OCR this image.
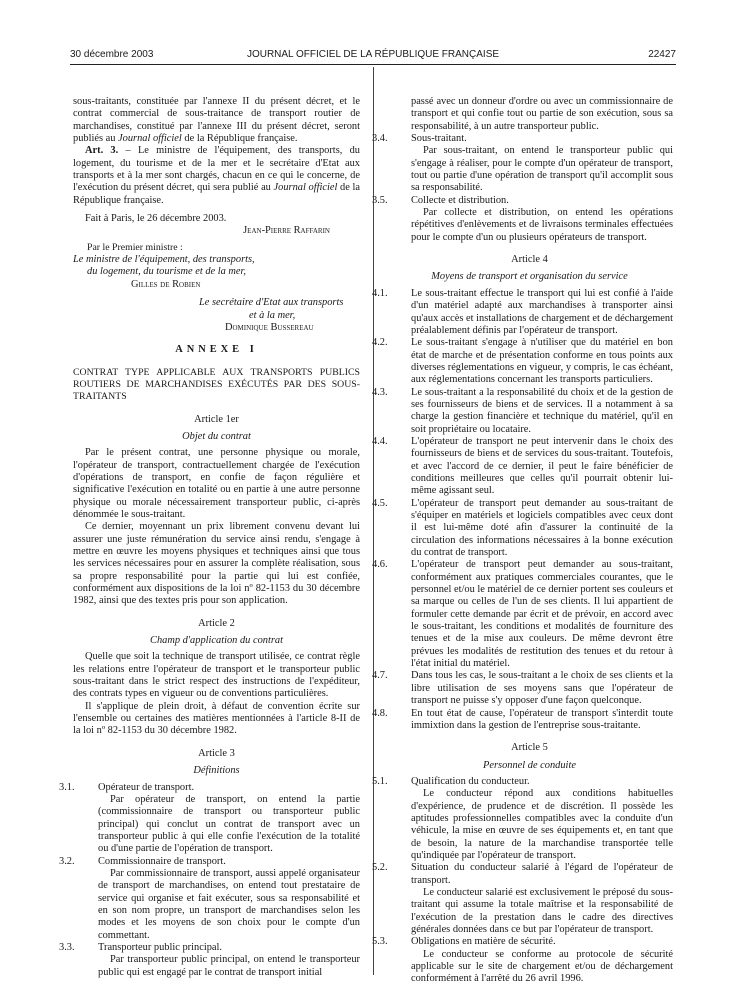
30 décembre 2003	JOURNAL OFFICIEL DE LA RÉPUBLIQUE FRANÇAISE	22427

sous-traitants, constituée par l'annexe II du présent décret, et le contrat commercial de sous-traitance de transport routier de marchandises, constitué par l'annexe III du présent décret, seront publiés au Journal officiel de la République française.

Art. 3. – Le ministre de l'équipement, des transports, du logement, du tourisme et de la mer et le secrétaire d'Etat aux transports et à la mer sont chargés, chacun en ce qui le concerne, de l'exécution du présent décret, qui sera publié au Journal officiel de la République française.

Fait à Paris, le 26 décembre 2003.

Jean-Pierre Raffarin

Par le Premier ministre :

Le ministre de l'équipement, des transports,

du logement, du tourisme et de la mer,

Gilles de Robien

Le secrétaire d'Etat aux transports

et à la mer,

Dominique Bussereau

ANNEXE I

CONTRAT TYPE APPLICABLE AUX TRANSPORTS PUBLICS ROUTIERS DE MARCHANDISES EXÉCUTÉS PAR DES SOUS-TRAITANTS

Article 1er

Objet du contrat

Par le présent contrat, une personne physique ou morale, l'opérateur de transport, contractuellement chargée de l'exécution d'opérations de transport, en confie de façon régulière et significative l'exécution en totalité ou en partie à une autre personne physique ou morale nécessairement transporteur public, ci-après dénommée le sous-traitant.

Ce dernier, moyennant un prix librement convenu devant lui assurer une juste rémunération du service ainsi rendu, s'engage à mettre en œuvre les moyens physiques et techniques ainsi que tous les services nécessaires pour en assurer la complète réalisation, sous sa propre responsabilité pour la partie qui lui est confiée, conformément aux dispositions de la loi nº 82-1153 du 30 décembre 1982, ainsi que des textes pris pour son application.

Article 2

Champ d'application du contrat

Quelle que soit la technique de transport utilisée, ce contrat règle les relations entre l'opérateur de transport et le transporteur public sous-traitant dans le strict respect des instructions de l'expéditeur, des contrats types en vigueur ou de conventions particulières.

Il s'applique de plein droit, à défaut de convention écrite sur l'ensemble ou certaines des matières mentionnées à l'article 8-II de la loi nº 82-1153 du 30 décembre 1982.

Article 3

Définitions

3.1. Opérateur de transport.

Par opérateur de transport, on entend la partie (commissionnaire de transport ou transporteur public principal) qui conclut un contrat de transport avec un transporteur public à qui elle confie l'exécution de la totalité ou d'une partie de l'opération de transport.

3.2. Commissionnaire de transport.

Par commissionnaire de transport, aussi appelé organisateur de transport de marchandises, on entend tout prestataire de service qui organise et fait exécuter, sous sa responsabilité et en son nom propre, un transport de marchandises selon les modes et les moyens de son choix pour le compte d'un commettant.

3.3. Transporteur public principal.

Par transporteur public principal, on entend le transporteur public qui est engagé par le contrat de transport initial

passé avec un donneur d'ordre ou avec un commissionnaire de transport et qui confie tout ou partie de son exécution, sous sa responsabilité, à un autre transporteur public.

3.4. Sous-traitant.

Par sous-traitant, on entend le transporteur public qui s'engage à réaliser, pour le compte d'un opérateur de transport, tout ou partie d'une opération de transport qu'il accomplit sous sa responsabilité.

3.5. Collecte et distribution.

Par collecte et distribution, on entend les opérations répétitives d'enlèvements et de livraisons terminales effectuées pour le compte d'un ou plusieurs opérateurs de transport.

Article 4

Moyens de transport et organisation du service

4.1. Le sous-traitant effectue le transport qui lui est confié à l'aide d'un matériel adapté aux marchandises à transporter ainsi qu'aux accès et installations de chargement et de déchargement préalablement définis par l'opérateur de transport.

4.2. Le sous-traitant s'engage à n'utiliser que du matériel en bon état de marche et de présentation conforme en tous points aux diverses réglementations en vigueur, y compris, le cas échéant, aux réglementations concernant les transports particuliers.

4.3. Le sous-traitant a la responsabilité du choix et de la gestion de ses fournisseurs de biens et de services. Il a notamment à sa charge la gestion financière et technique du matériel, qu'il en soit propriétaire ou locataire.

4.4. L'opérateur de transport ne peut intervenir dans le choix des fournisseurs de biens et de services du sous-traitant. Toutefois, et avec l'accord de ce dernier, il peut le faire bénéficier de conditions meilleures que celles qu'il pourrait obtenir lui-même agissant seul.

4.5. L'opérateur de transport peut demander au sous-traitant de s'équiper en matériels et logiciels compatibles avec ceux dont il est lui-même doté afin d'assurer la continuité de la circulation des informations nécessaires à la bonne exécution du contrat de transport.

4.6. L'opérateur de transport peut demander au sous-traitant, conformément aux pratiques commerciales courantes, que le personnel et/ou le matériel de ce dernier portent ses couleurs et sa marque ou celles de l'un de ses clients. Il lui appartient de formuler cette demande par écrit et de prévoir, en accord avec le sous-traitant, les conditions et modalités de fourniture des tenues et de la mise aux couleurs. De même devront être prévues les modalités de restitution des tenues et du retour à l'état initial du matériel.

4.7. Dans tous les cas, le sous-traitant a le choix de ses clients et la libre utilisation de ses moyens sans que l'opérateur de transport ne puisse s'y opposer d'une façon quelconque.

4.8. En tout état de cause, l'opérateur de transport s'interdit toute immixtion dans la gestion de l'entreprise sous-traitante.

Article 5

Personnel de conduite

5.1. Qualification du conducteur.

Le conducteur répond aux conditions habituelles d'expérience, de prudence et de discrétion. Il possède les aptitudes professionnelles compatibles avec la conduite d'un véhicule, la mise en œuvre de ses équipements et, en tant que de besoin, la nature de la marchandise transportée telle qu'indiquée par l'opérateur de transport.

5.2. Situation du conducteur salarié à l'égard de l'opérateur de transport.

Le conducteur salarié est exclusivement le préposé du sous-traitant qui assume la totale maîtrise et la responsabilité de l'exécution de la prestation dans le cadre des directives générales données dans ce but par l'opérateur de transport.

5.3. Obligations en matière de sécurité.

Le conducteur se conforme au protocole de sécurité applicable sur le site de chargement et/ou de déchargement conformément à l'arrêté du 26 avril 1996.
